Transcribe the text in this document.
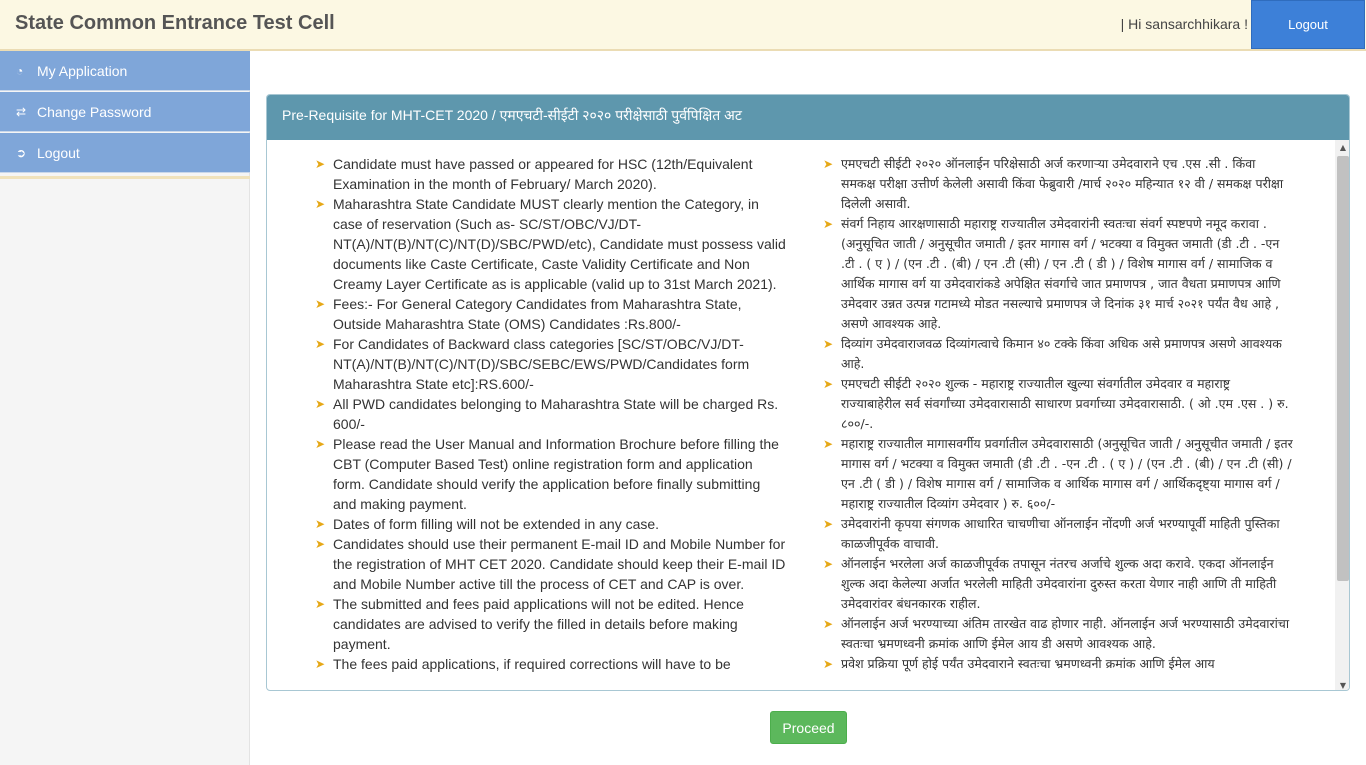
State Common Entrance Test Cell	| Hi sansarchhikara !	Logout
◔ My Application
⇄ Change Password
➲ Logout
Pre-Requisite for MHT-CET 2020 / एमएचटी-सीईटी २०२० परीक्षेसाठी पुर्वपिक्षित अट
➤ Candidate must have passed or appeared for HSC (12th/Equivalent Examination in the month of February/ March 2020).
➤ Maharashtra State Candidate MUST clearly mention the Category, in case of reservation (Such as- SC/ST/OBC/VJ/DT-NT(A)/NT(B)/NT(C)/NT(D)/SBC/PWD/etc), Candidate must possess valid documents like Caste Certificate, Caste Validity Certificate and Non Creamy Layer Certificate as is applicable (valid up to 31st March 2021).
➤ Fees:- For General Category Candidates from Maharashtra State, Outside Maharashtra State (OMS) Candidates :Rs.800/-
➤ For Candidates of Backward class categories [SC/ST/OBC/VJ/DT-NT(A)/NT(B)/NT(C)/NT(D)/SBC/SEBC/EWS/PWD/Candidates form Maharashtra State etc]:RS.600/-
➤ All PWD candidates belonging to Maharashtra State will be charged Rs. 600/-
➤ Please read the User Manual and Information Brochure before filling the CBT (Computer Based Test) online registration form and application form. Candidate should verify the application before finally submitting and making payment.
➤ Dates of form filling will not be extended in any case.
➤ Candidates should use their permanent E-mail ID and Mobile Number for the registration of MHT CET 2020. Candidate should keep their E-mail ID and Mobile Number active till the process of CET and CAP is over.
➤ The submitted and fees paid applications will not be edited. Hence candidates are advised to verify the filled in details before making payment.
➤ The fees paid applications, if required corrections will have to be
➤ एमएचटी सीईटी २०२० ऑनलाईन परिक्षेसाठी अर्ज करणाऱ्या उमेदवाराने एच .एस .सी . किंवा समकक्ष परीक्षा उत्तीर्ण केलेली असावी किंवा फेब्रुवारी /मार्च २०२० महिन्यात १२ वी / समकक्ष परीक्षा दिलेली असावी.
➤ संवर्ग निहाय आरक्षणासाठी महाराष्ट्र राज्यातील उमेदवारांनी स्वतःचा संवर्ग स्पष्टपणे नमूद करावा . (अनुसूचित जाती / अनुसूचीत जमाती / इतर मागास वर्ग / भटक्या व विमुक्त जमाती (डी .टी . -एन .टी . ( ए ) / (एन .टी . (बी) / एन .टी (सी) / एन .टी ( डी ) / विशेष मागास वर्ग / सामाजिक व आर्थिक मागास वर्ग या उमेदवारांकडे अपेक्षित संवर्गाचे जात प्रमाणपत्र , जात वैधता प्रमाणपत्र आणि उमेदवार उन्नत उत्पन्न गटामध्ये मोडत नसल्याचे प्रमाणपत्र जे दिनांक ३१ मार्च २०२१ पर्यंत वैध आहे , असणे आवश्यक आहे.
➤ दिव्यांग उमेदवाराजवळ दिव्यांगत्वाचे किमान ४० टक्के किंवा अधिक असे प्रमाणपत्र असणे आवश्यक आहे.
➤ एमएचटी सीईटी २०२० शुल्क - महाराष्ट्र राज्यातील खुल्या संवर्गातील उमेदवार व महाराष्ट्र राज्याबाहेरील सर्व संवर्गांच्या उमेदवारासाठी साधारण प्रवर्गाच्या उमेदवारासाठी. ( ओ .एम .एस . ) रु. ८००/-.
➤ महाराष्ट्र राज्यातील मागासवर्गीय प्रवर्गातील उमेदवारासाठी (अनुसूचित जाती / अनुसूचीत जमाती / इतर मागास वर्ग / भटक्या व विमुक्त जमाती (डी .टी . -एन .टी . ( ए ) / (एन .टी . (बी) / एन .टी (सी) / एन .टी ( डी ) / विशेष मागास वर्ग / सामाजिक व आर्थिक मागास वर्ग / आर्थिकदृष्ट्या मागास वर्ग / महाराष्ट्र राज्यातील दिव्यांग उमेदवार ) रु. ६००/-
➤ उमेदवारांनी कृपया संगणक आधारित चाचणीचा ऑनलाईन नोंदणी अर्ज भरण्यापूर्वी माहिती पुस्तिका काळजीपूर्वक वाचावी.
➤ ऑनलाईन भरलेला अर्ज काळजीपूर्वक तपासून नंतरच अर्जाचे शुल्क अदा करावे. एकदा ऑनलाईन शुल्क अदा केलेल्या अर्जात भरलेली माहिती उमेदवारांना दुरुस्त करता येणार नाही आणि ती माहिती उमेदवारांवर बंधनकारक राहील.
➤ ऑनलाईन अर्ज भरण्याच्या अंतिम तारखेत वाढ होणार नाही. ऑनलाईन अर्ज भरण्यासाठी उमेदवारांचा स्वतःचा भ्रमणध्वनी क्रमांक आणि ईमेल आय डी असणे आवश्यक आहे.
➤ प्रवेश प्रक्रिया पूर्ण होई पर्यंत उमेदवाराने स्वतःचा भ्रमणध्वनी क्रमांक आणि ईमेल आय
▲
▼
Proceed
